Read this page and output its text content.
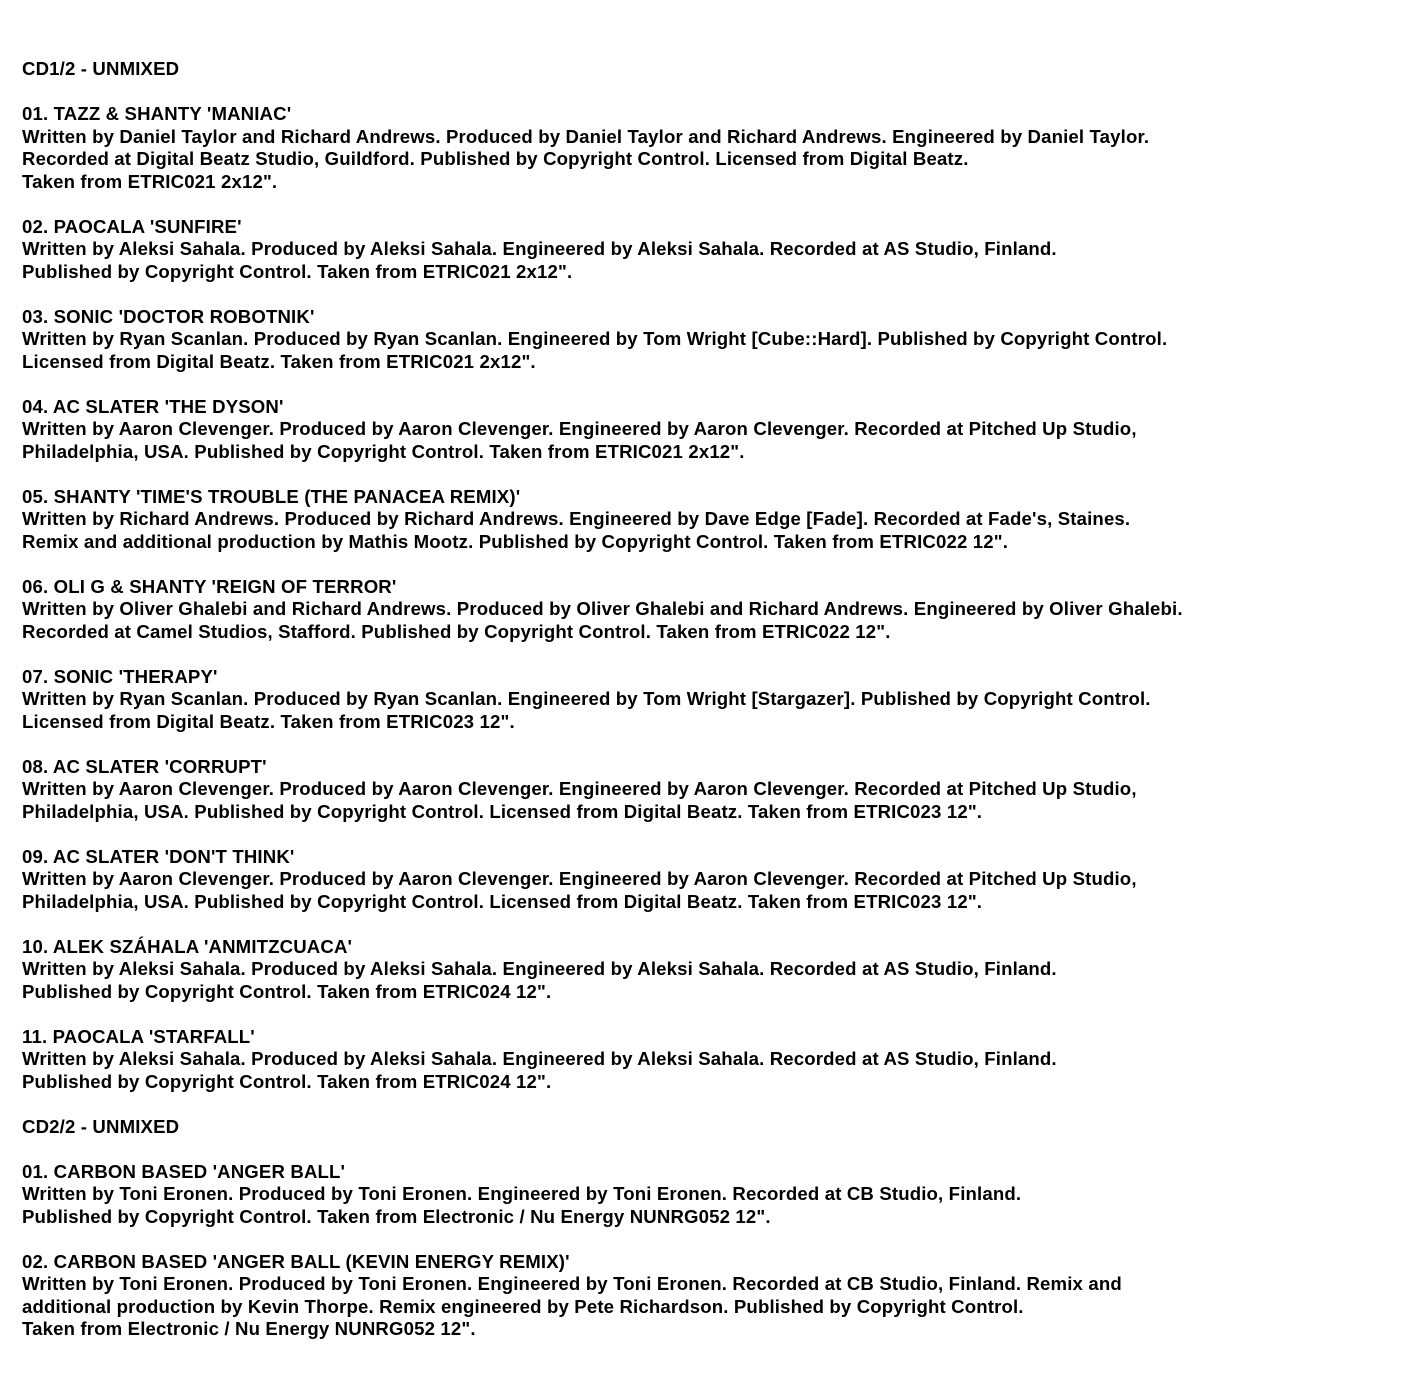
CD1/2 - UNMIXED
01. TAZZ & SHANTY 'MANIAC'
Written by Daniel Taylor and Richard Andrews. Produced by Daniel Taylor and Richard Andrews. Engineered by Daniel Taylor.
Recorded at Digital Beatz Studio, Guildford. Published by Copyright Control. Licensed from Digital Beatz.
Taken from ETRIC021 2x12".
02. PAOCALA 'SUNFIRE'
Written by Aleksi Sahala. Produced by Aleksi Sahala. Engineered by Aleksi Sahala. Recorded at AS Studio, Finland.
Published by Copyright Control. Taken from ETRIC021 2x12".
03. SONIC 'DOCTOR ROBOTNIK'
Written by Ryan Scanlan. Produced by Ryan Scanlan. Engineered by Tom Wright [Cube::Hard]. Published by Copyright Control.
Licensed from Digital Beatz. Taken from ETRIC021 2x12".
04. AC SLATER 'THE DYSON'
Written by Aaron Clevenger. Produced by Aaron Clevenger. Engineered by Aaron Clevenger. Recorded at Pitched Up Studio,
Philadelphia, USA. Published by Copyright Control. Taken from ETRIC021 2x12".
05. SHANTY 'TIME'S TROUBLE (THE PANACEA REMIX)'
Written by Richard Andrews. Produced by Richard Andrews. Engineered by Dave Edge [Fade]. Recorded at Fade's, Staines.
Remix and additional production by Mathis Mootz. Published by Copyright Control. Taken from ETRIC022 12".
06. OLI G & SHANTY 'REIGN OF TERROR'
Written by Oliver Ghalebi and Richard Andrews. Produced by Oliver Ghalebi and Richard Andrews. Engineered by Oliver Ghalebi.
Recorded at Camel Studios, Stafford. Published by Copyright Control. Taken from ETRIC022 12".
07. SONIC 'THERAPY'
Written by Ryan Scanlan. Produced by Ryan Scanlan. Engineered by Tom Wright [Stargazer]. Published by Copyright Control.
Licensed from Digital Beatz. Taken from ETRIC023 12".
08. AC SLATER 'CORRUPT'
Written by Aaron Clevenger. Produced by Aaron Clevenger. Engineered by Aaron Clevenger. Recorded at Pitched Up Studio,
Philadelphia, USA. Published by Copyright Control. Licensed from Digital Beatz. Taken from ETRIC023 12".
09. AC SLATER 'DON'T THINK'
Written by Aaron Clevenger. Produced by Aaron Clevenger. Engineered by Aaron Clevenger. Recorded at Pitched Up Studio,
Philadelphia, USA. Published by Copyright Control. Licensed from Digital Beatz. Taken from ETRIC023 12".
10. ALEK SZÁHALA 'ANMITZCUACA'
Written by Aleksi Sahala. Produced by Aleksi Sahala. Engineered by Aleksi Sahala. Recorded at AS Studio, Finland.
Published by Copyright Control. Taken from ETRIC024 12".
11. PAOCALA 'STARFALL'
Written by Aleksi Sahala. Produced by Aleksi Sahala. Engineered by Aleksi Sahala. Recorded at AS Studio, Finland.
Published by Copyright Control. Taken from ETRIC024 12".
CD2/2 - UNMIXED
01. CARBON BASED 'ANGER BALL'
Written by Toni Eronen. Produced by Toni Eronen. Engineered by Toni Eronen. Recorded at CB Studio, Finland.
Published by Copyright Control. Taken from Electronic / Nu Energy NUNRG052 12".
02. CARBON BASED 'ANGER BALL (KEVIN ENERGY REMIX)'
Written by Toni Eronen. Produced by Toni Eronen. Engineered by Toni Eronen. Recorded at CB Studio, Finland. Remix and
additional production by Kevin Thorpe. Remix engineered by Pete Richardson. Published by Copyright Control.
Taken from Electronic / Nu Energy NUNRG052 12".
